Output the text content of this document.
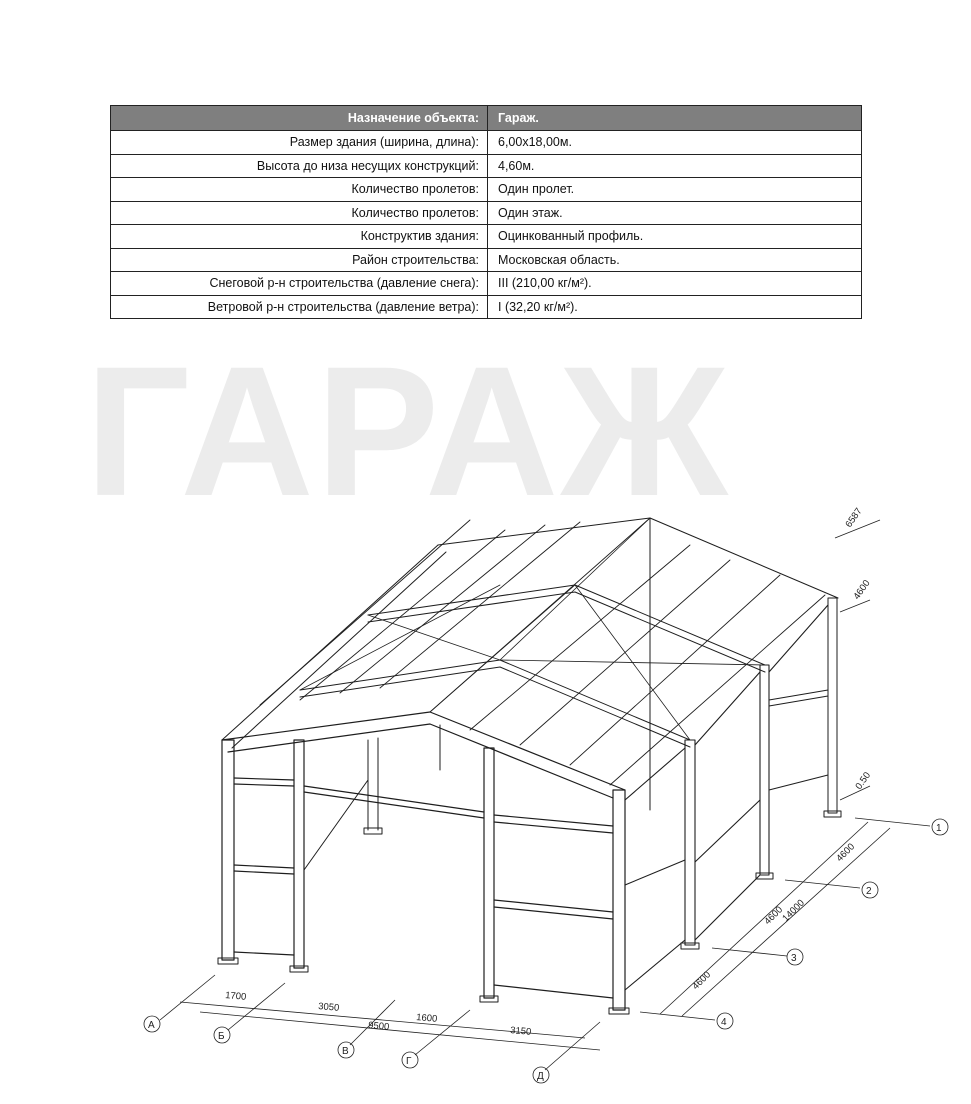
Назначение объекта:	Гараж.
Размер здания (ширина, длина):	6,00х18,00м.
Высота до низа несущих конструкций:	4,60м.
Количество пролетов:	Один пролет.
Количество пролетов:	Один этаж.
Конструктив здания:	Оцинкованный профиль.
Район строительства:	Московская область.
Снеговой р-н строительства (давление снега):	III (210,00 кг/м²).
Ветровой р-н строительства (давление ветра):	I (32,20 кг/м²).
ГАРАЖ	6587
4600
0.50
1
2
3
4
4600
4600
14000
4600
А
Б
В
Г
Д
1700
3050
1600
9500	3150
